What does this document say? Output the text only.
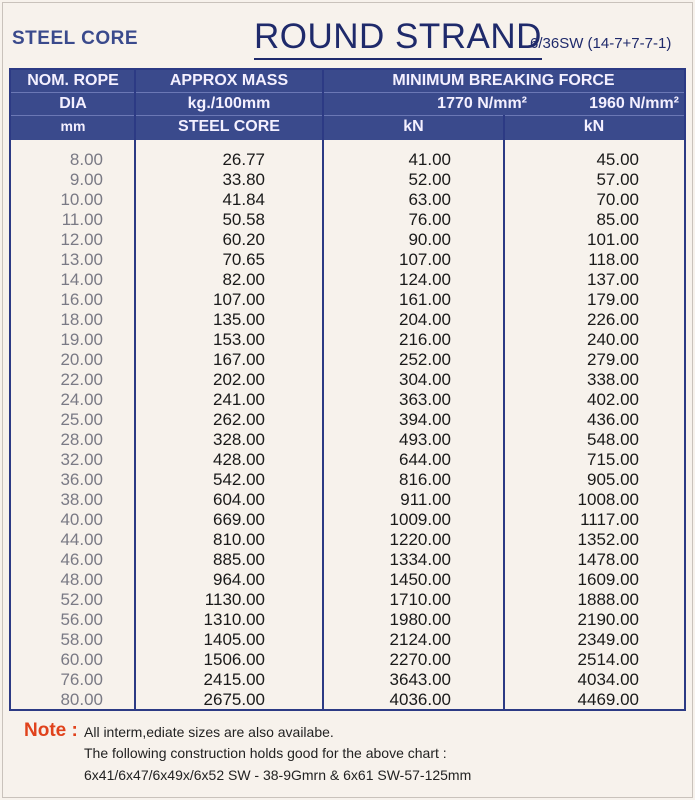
STEEL CORE	ROUND STRAND
6/36SW (14-7+7-7-1)
NOM. ROPE
DIA
mm
APPROX MASS
kg./100mm
STEEL CORE
MINIMUM BREAKING FORCE
1770 N/mm²
kN
1960 N/mm²
kN
8.00
9.00
10.00
11.00
12.00
13.00
14.00
16.00
18.00
19.00
20.00
22.00
24.00
25.00
28.00
32.00
36.00
38.00
40.00
44.00
46.00
48.00
52.00
56.00
58.00
60.00
76.00
80.00
26.77
33.80
41.84
50.58
60.20
70.65
82.00
107.00
135.00
153.00
167.00
202.00
241.00
262.00
328.00
428.00
542.00
604.00
669.00
810.00
885.00
964.00
1130.00
1310.00
1405.00
1506.00
2415.00
2675.00
41.00
52.00
63.00
76.00
90.00
107.00
124.00
161.00
204.00
216.00
252.00
304.00
363.00
394.00
493.00
644.00
816.00
911.00
1009.00
1220.00
1334.00
1450.00
1710.00
1980.00
2124.00
2270.00
3643.00
4036.00
45.00
57.00
70.00
85.00
101.00
118.00
137.00
179.00
226.00
240.00
279.00
338.00
402.00
436.00
548.00
715.00
905.00
1008.00
1117.00
1352.00
1478.00
1609.00
1888.00
2190.00
2349.00
2514.00
4034.00
4469.00
Note : All interm,ediate sizes are also availabe.
The following construction holds good for the above chart :
6x41/6x47/6x49x/6x52 SW - 38-9Gmrn & 6x61 SW-57-125mm
